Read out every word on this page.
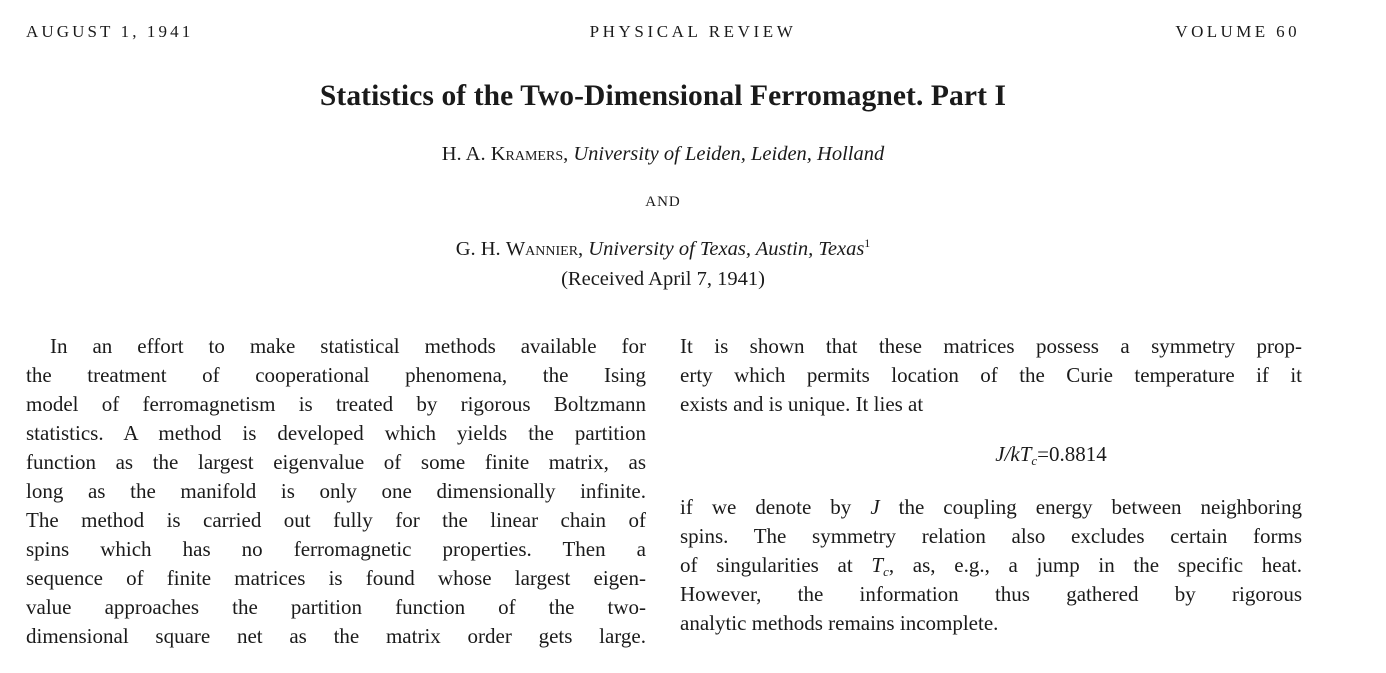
AUGUST 1, 1941	PHYSICAL REVIEW	VOLUME 60
Statistics of the Two-Dimensional Ferromagnet. Part I
H. A. Kramers, University of Leiden, Leiden, Holland
AND
G. H. Wannier, University of Texas, Austin, Texas$^1$
(Received April 7, 1941)
In an effort to make statistical methods available for
the treatment of cooperational phenomena, the Ising
model of ferromagnetism is treated by rigorous Boltzmann
statistics. A method is developed which yields the partition
function as the largest eigenvalue of some finite matrix, as
long as the manifold is only one dimensionally infinite.
The method is carried out fully for the linear chain of
spins which has no ferromagnetic properties. Then a
sequence of finite matrices is found whose largest eigen-
value approaches the partition function of the two-
dimensional square net as the matrix order gets large.
It is shown that these matrices possess a symmetry prop-
erty which permits location of the Curie temperature if it
exists and is unique. It lies at
$J/kT_c=0.8814$
if we denote by J the coupling energy between neighboring
spins. The symmetry relation also excludes certain forms
of singularities at $T_c$, as, e.g., a jump in the specific heat.
However, the information thus gathered by rigorous
analytic methods remains incomplete.
